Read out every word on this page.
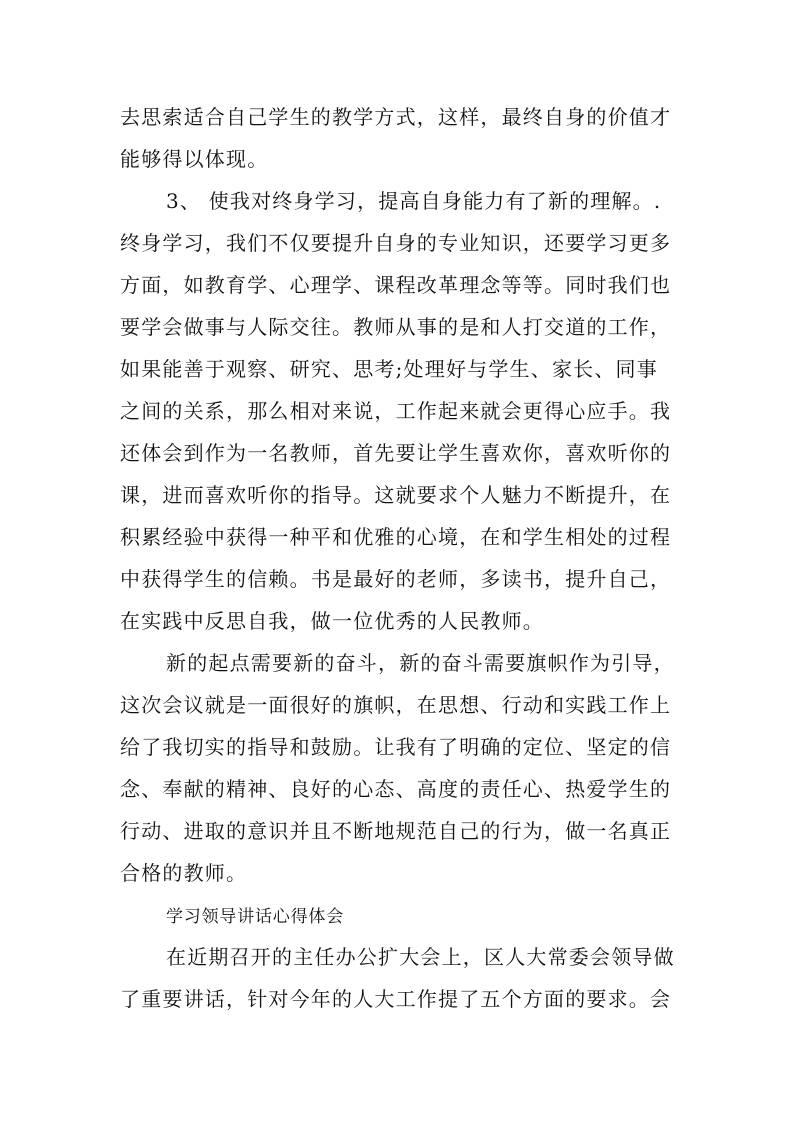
去思索适合自己学生的教学方式，这样，最终自身的价值才
能够得以体现。
3、 使我对终身学习，提高自身能力有了新的理解。.
终身学习，我们不仅要提升自身的专业知识，还要学习更多
方面，如教育学、心理学、课程改革理念等等。同时我们也
要学会做事与人际交往。教师从事的是和人打交道的工作，
如果能善于观察、研究、思考;处理好与学生、家长、同事
之间的关系，那么相对来说，工作起来就会更得心应手。我
还体会到作为一名教师，首先要让学生喜欢你，喜欢听你的
课，进而喜欢听你的指导。这就要求个人魅力不断提升，在
积累经验中获得一种平和优雅的心境，在和学生相处的过程
中获得学生的信赖。书是最好的老师，多读书，提升自己，
在实践中反思自我，做一位优秀的人民教师。
新的起点需要新的奋斗，新的奋斗需要旗帜作为引导，
这次会议就是一面很好的旗帜，在思想、行动和实践工作上
给了我切实的指导和鼓励。让我有了明确的定位、坚定的信
念、奉献的精神、良好的心态、高度的责任心、热爱学生的
行动、进取的意识并且不断地规范自己的行为，做一名真正
合格的教师。
学习领导讲话心得体会
在近期召开的主任办公扩大会上，区人大常委会领导做
了重要讲话，针对今年的人大工作提了五个方面的要求。会
